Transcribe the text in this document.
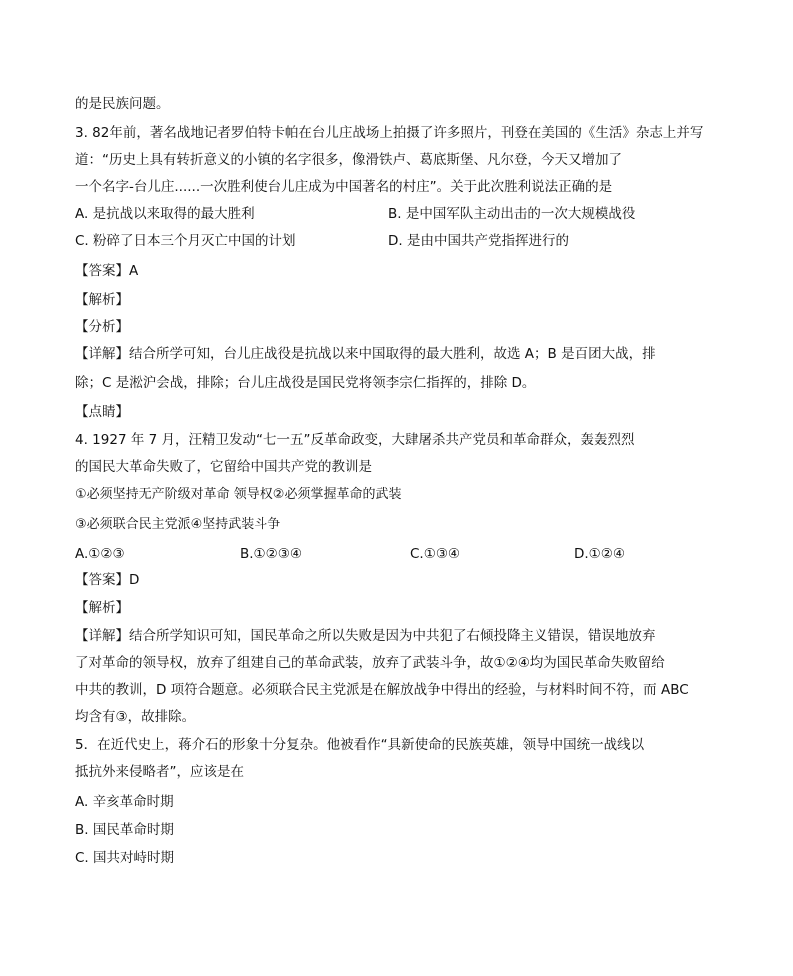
的是民族问题。
3. 82年前，著名战地记者罗伯特卡帕在台儿庄战场上拍摄了许多照片，刊登在美国的《生活》杂志上并写
道：“历史上具有转折意义的小镇的名字很多，像滑铁卢、葛底斯堡、凡尔登，今天又增加了
一个名字-台儿庄......一次胜利使台儿庄成为中国著名的村庄”。关于此次胜利说法正确的是
A. 是抗战以来取得的最大胜利	B. 是中国军队主动出击的一次大规模战役
C. 粉碎了日本三个月灭亡中国的计划	D. 是由中国共产党指挥进行的
【答案】A
【解析】
【分析】
【详解】结合所学可知，台儿庄战役是抗战以来中国取得的最大胜利，故选 A；B 是百团大战，排
除；C 是淞沪会战，排除；台儿庄战役是国民党将领李宗仁指挥的，排除 D。
【点睛】
4. 1927 年 7 月，汪精卫发动“七一五”反革命政变，大肆屠杀共产党员和革命群众，轰轰烈烈
的国民大革命失败了，它留给中国共产党的教训是
①必须坚持无产阶级对革命 领导权②必须掌握革命的武装
③必须联合民主党派④坚持武装斗争
A.①②③	B.①②③④	C.①③④	D.①②④
【答案】D
【解析】
【详解】结合所学知识可知，国民革命之所以失败是因为中共犯了右倾投降主义错误，错误地放弃
了对革命的领导权，放弃了组建自己的革命武装，放弃了武装斗争，故①②④均为国民革命失败留给
中共的教训，D 项符合题意。必须联合民主党派是在解放战争中得出的经验，与材料时间不符，而 ABC
均含有③，故排除。
5．在近代史上，蒋介石的形象十分复杂。他被看作“具新使命的民族英雄，领导中国统一战线以
抵抗外来侵略者”，应该是在
A. 辛亥革命时期
B. 国民革命时期
C. 国共对峙时期
